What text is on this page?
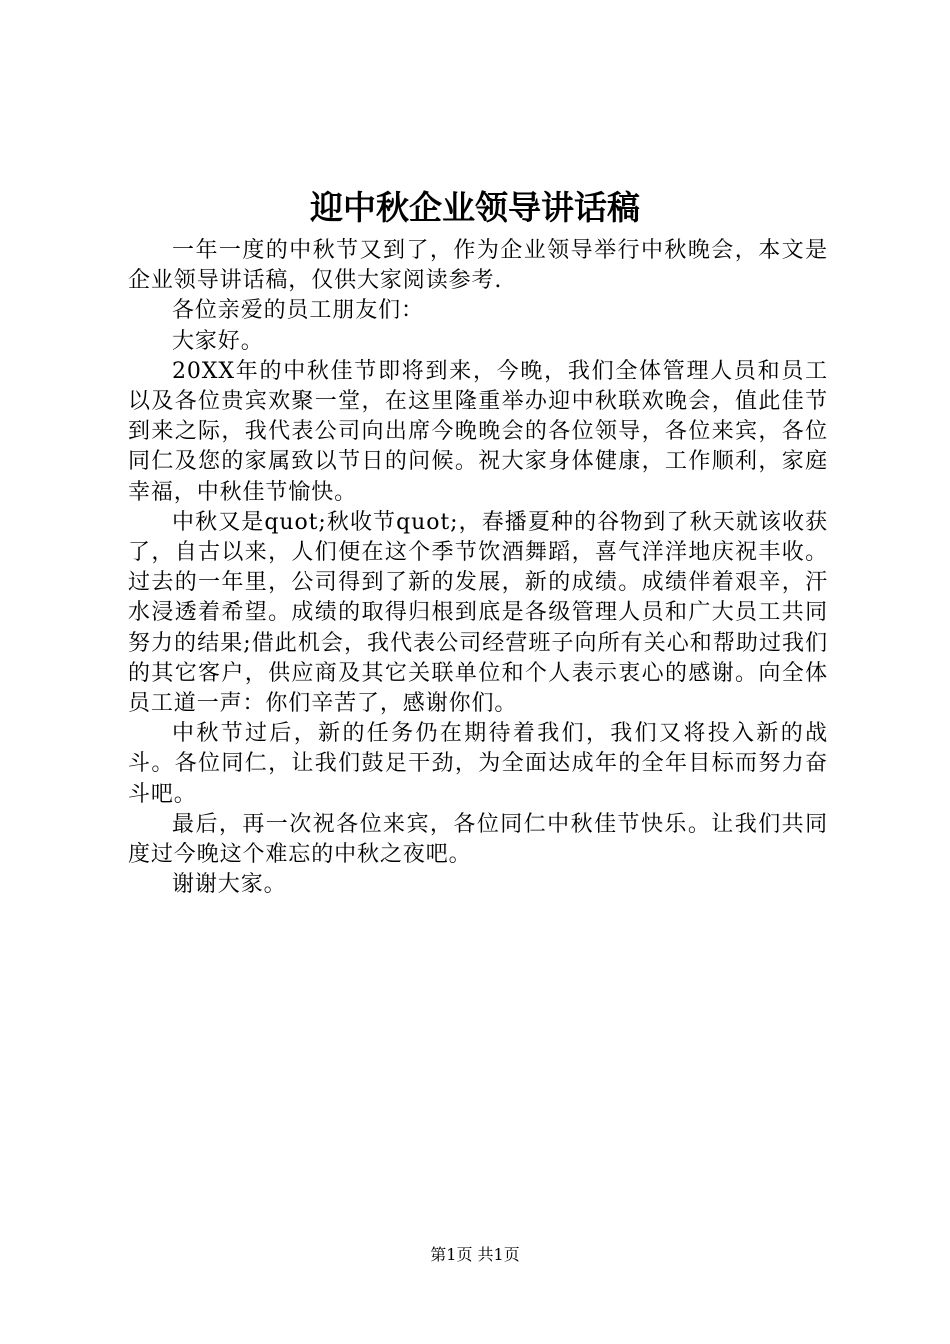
迎中秋企业领导讲话稿

一年一度的中秋节又到了，作为企业领导举行中秋晚会，本文是企业领导讲话稿，仅供大家阅读参考.

各位亲爱的员工朋友们：

大家好。

20XX年的中秋佳节即将到来，今晚，我们全体管理人员和员工以及各位贵宾欢聚一堂，在这里隆重举办迎中秋联欢晚会，值此佳节到来之际，我代表公司向出席今晚晚会的各位领导，各位来宾，各位同仁及您的家属致以节日的问候。祝大家身体健康，工作顺利，家庭幸福，中秋佳节愉快。

中秋又是quot;秋收节quot;，春播夏种的谷物到了秋天就该收获了，自古以来，人们便在这个季节饮酒舞蹈，喜气洋洋地庆祝丰收。过去的一年里，公司得到了新的发展，新的成绩。成绩伴着艰辛，汗水浸透着希望。成绩的取得归根到底是各级管理人员和广大员工共同努力的结果;借此机会，我代表公司经营班子向所有关心和帮助过我们的其它客户，供应商及其它关联单位和个人表示衷心的感谢。向全体员工道一声：你们辛苦了，感谢你们。

中秋节过后，新的任务仍在期待着我们，我们又将投入新的战斗。各位同仁，让我们鼓足干劲，为全面达成年的全年目标而努力奋斗吧。

最后，再一次祝各位来宾，各位同仁中秋佳节快乐。让我们共同度过今晚这个难忘的中秋之夜吧。

谢谢大家。

第1页 共1页
